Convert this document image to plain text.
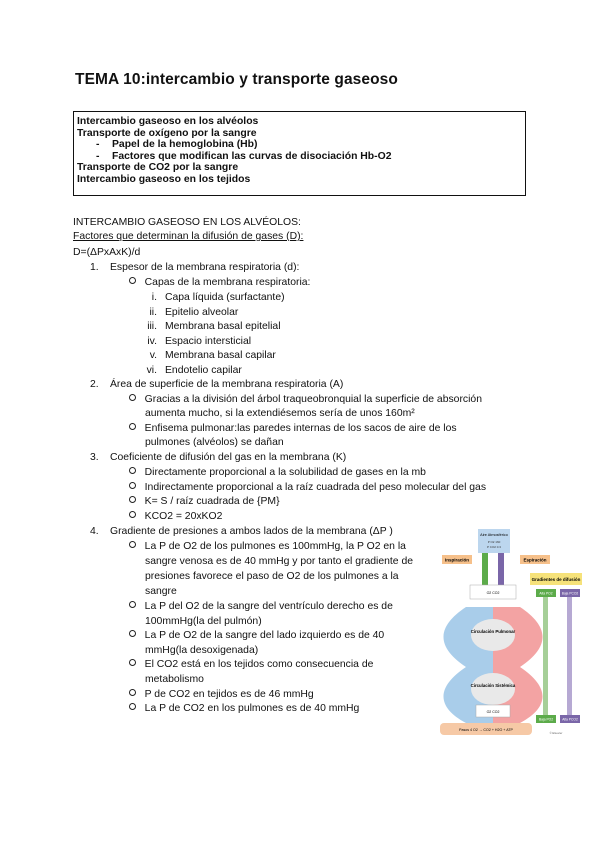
TEMA 10:intercambio y transporte gaseoso
Intercambio gaseoso en los alvéolos
Transporte de oxígeno por la sangre
-	Papel de la hemoglobina (Hb)
-	Factores que modifican las curvas de disociación Hb-O2
Transporte de CO2 por la sangre
Intercambio gaseoso en los tejidos
INTERCAMBIO GASEOSO EN LOS ALVÉOLOS:
Factores que determinan la difusión de gases (D):
D=(ΔPxAxK)/d
1. Espesor de la membrana respiratoria (d):
Capas de la membrana respiratoria:
i. Capa líquida (surfactante)
ii. Epitelio alveolar
iii. Membrana basal epitelial
iv. Espacio intersticial
v. Membrana basal capilar
vi. Endotelio capilar
2. Área de superficie de la membrana respiratoria (A)
Gracias a la división del árbol traqueobronquial la superficie de absorción
aumenta mucho, si la extendiésemos sería de unos 160m²
Enfisema pulmonar:las paredes internas de los sacos de aire de los
pulmones (alvéolos) se dañan
3. Coeficiente de difusión del gas en la membrana (K)
Directamente proporcional a la solubilidad de gases en la mb
Indirectamente proporcional a la raíz cuadrada del peso molecular del gas
K= S / raíz cuadrada de {PM}
KCO2 = 20xKO2
4. Gradiente de presiones a ambos lados de la membrana (ΔP )
La P de O2 de los pulmones es 100mmHg, la P O2 en la
sangre venosa es de 40 mmHg y por tanto el gradiente de
presiones favorece el paso de O2 de los pulmones a la
sangre
La P del O2 de la sangre del ventrículo derecho es de
100mmHg(la del pulmón)
La P de O2 de la sangre del lado izquierdo es de 40
mmHg(la desoxigenada)
El CO2 está en los tejidos como consecuencia de
metabolismo
P de CO2 en tejidos es de 46 mmHg
La P de CO2 en los pulmones es de 40 mmHg
Aire Atmosférico
P O2 160
P CO2 0.3
Inspiración	Espiración
Gradientes de difusión
Alta PO2	Baja PCO2
Baja PO2	Alta PCO2
O2 CO2
Circulación Pulmonar
Circulación Sistémica
O2 CO2
Pasos 4 O2 → CO2 + H2O + ATP
© Elsevier
